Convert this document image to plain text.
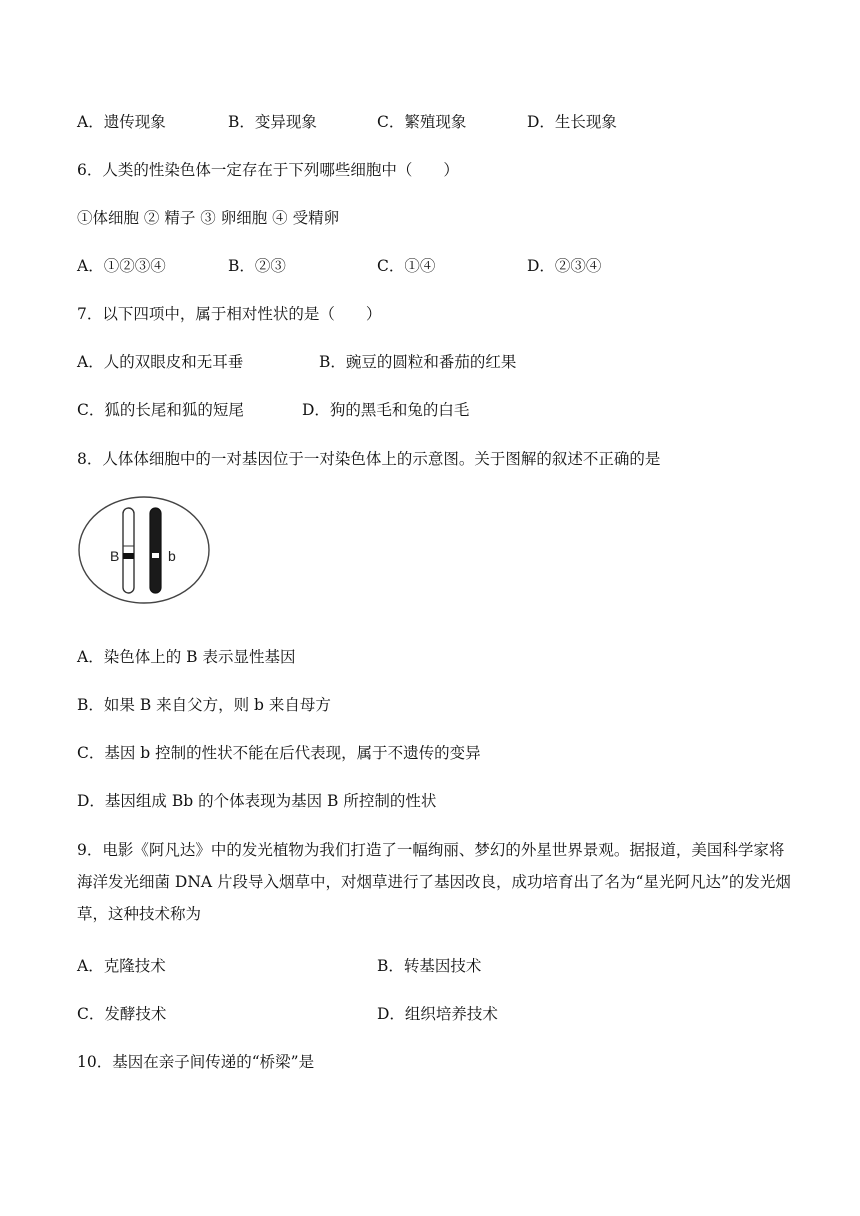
A．遗传现象	B．变异现象	C．繁殖现象	D．生长现象
6．人类的性染色体一定存在于下列哪些细胞中（　　）
①体细胞 ② 精子 ③ 卵细胞 ④ 受精卵
A．①②③④	B．②③	C．①④	D．②③④
7．以下四项中，属于相对性状的是（　　）
A．人的双眼皮和无耳垂	B．豌豆的圆粒和番茄的红果
C．狐的长尾和狐的短尾	D．狗的黑毛和兔的白毛
8．人体体细胞中的一对基因位于一对染色体上的示意图。关于图解的叙述不正确的是
B	b
A．染色体上的 B 表示显性基因
B．如果 B 来自父方，则 b 来自母方
C．基因 b 控制的性状不能在后代表现，属于不遗传的变异
D．基因组成 Bb 的个体表现为基因 B 所控制的性状
9．电影《阿凡达》中的发光植物为我们打造了一幅绚丽、梦幻的外星世界景观。据报道，美国科学家将海洋发光细菌 DNA 片段导入烟草中，对烟草进行了基因改良，成功培育出了名为“星光阿凡达”的发光烟草，这种技术称为
A．克隆技术	B．转基因技术
C．发酵技术	D．组织培养技术
10．基因在亲子间传递的“桥梁”是
